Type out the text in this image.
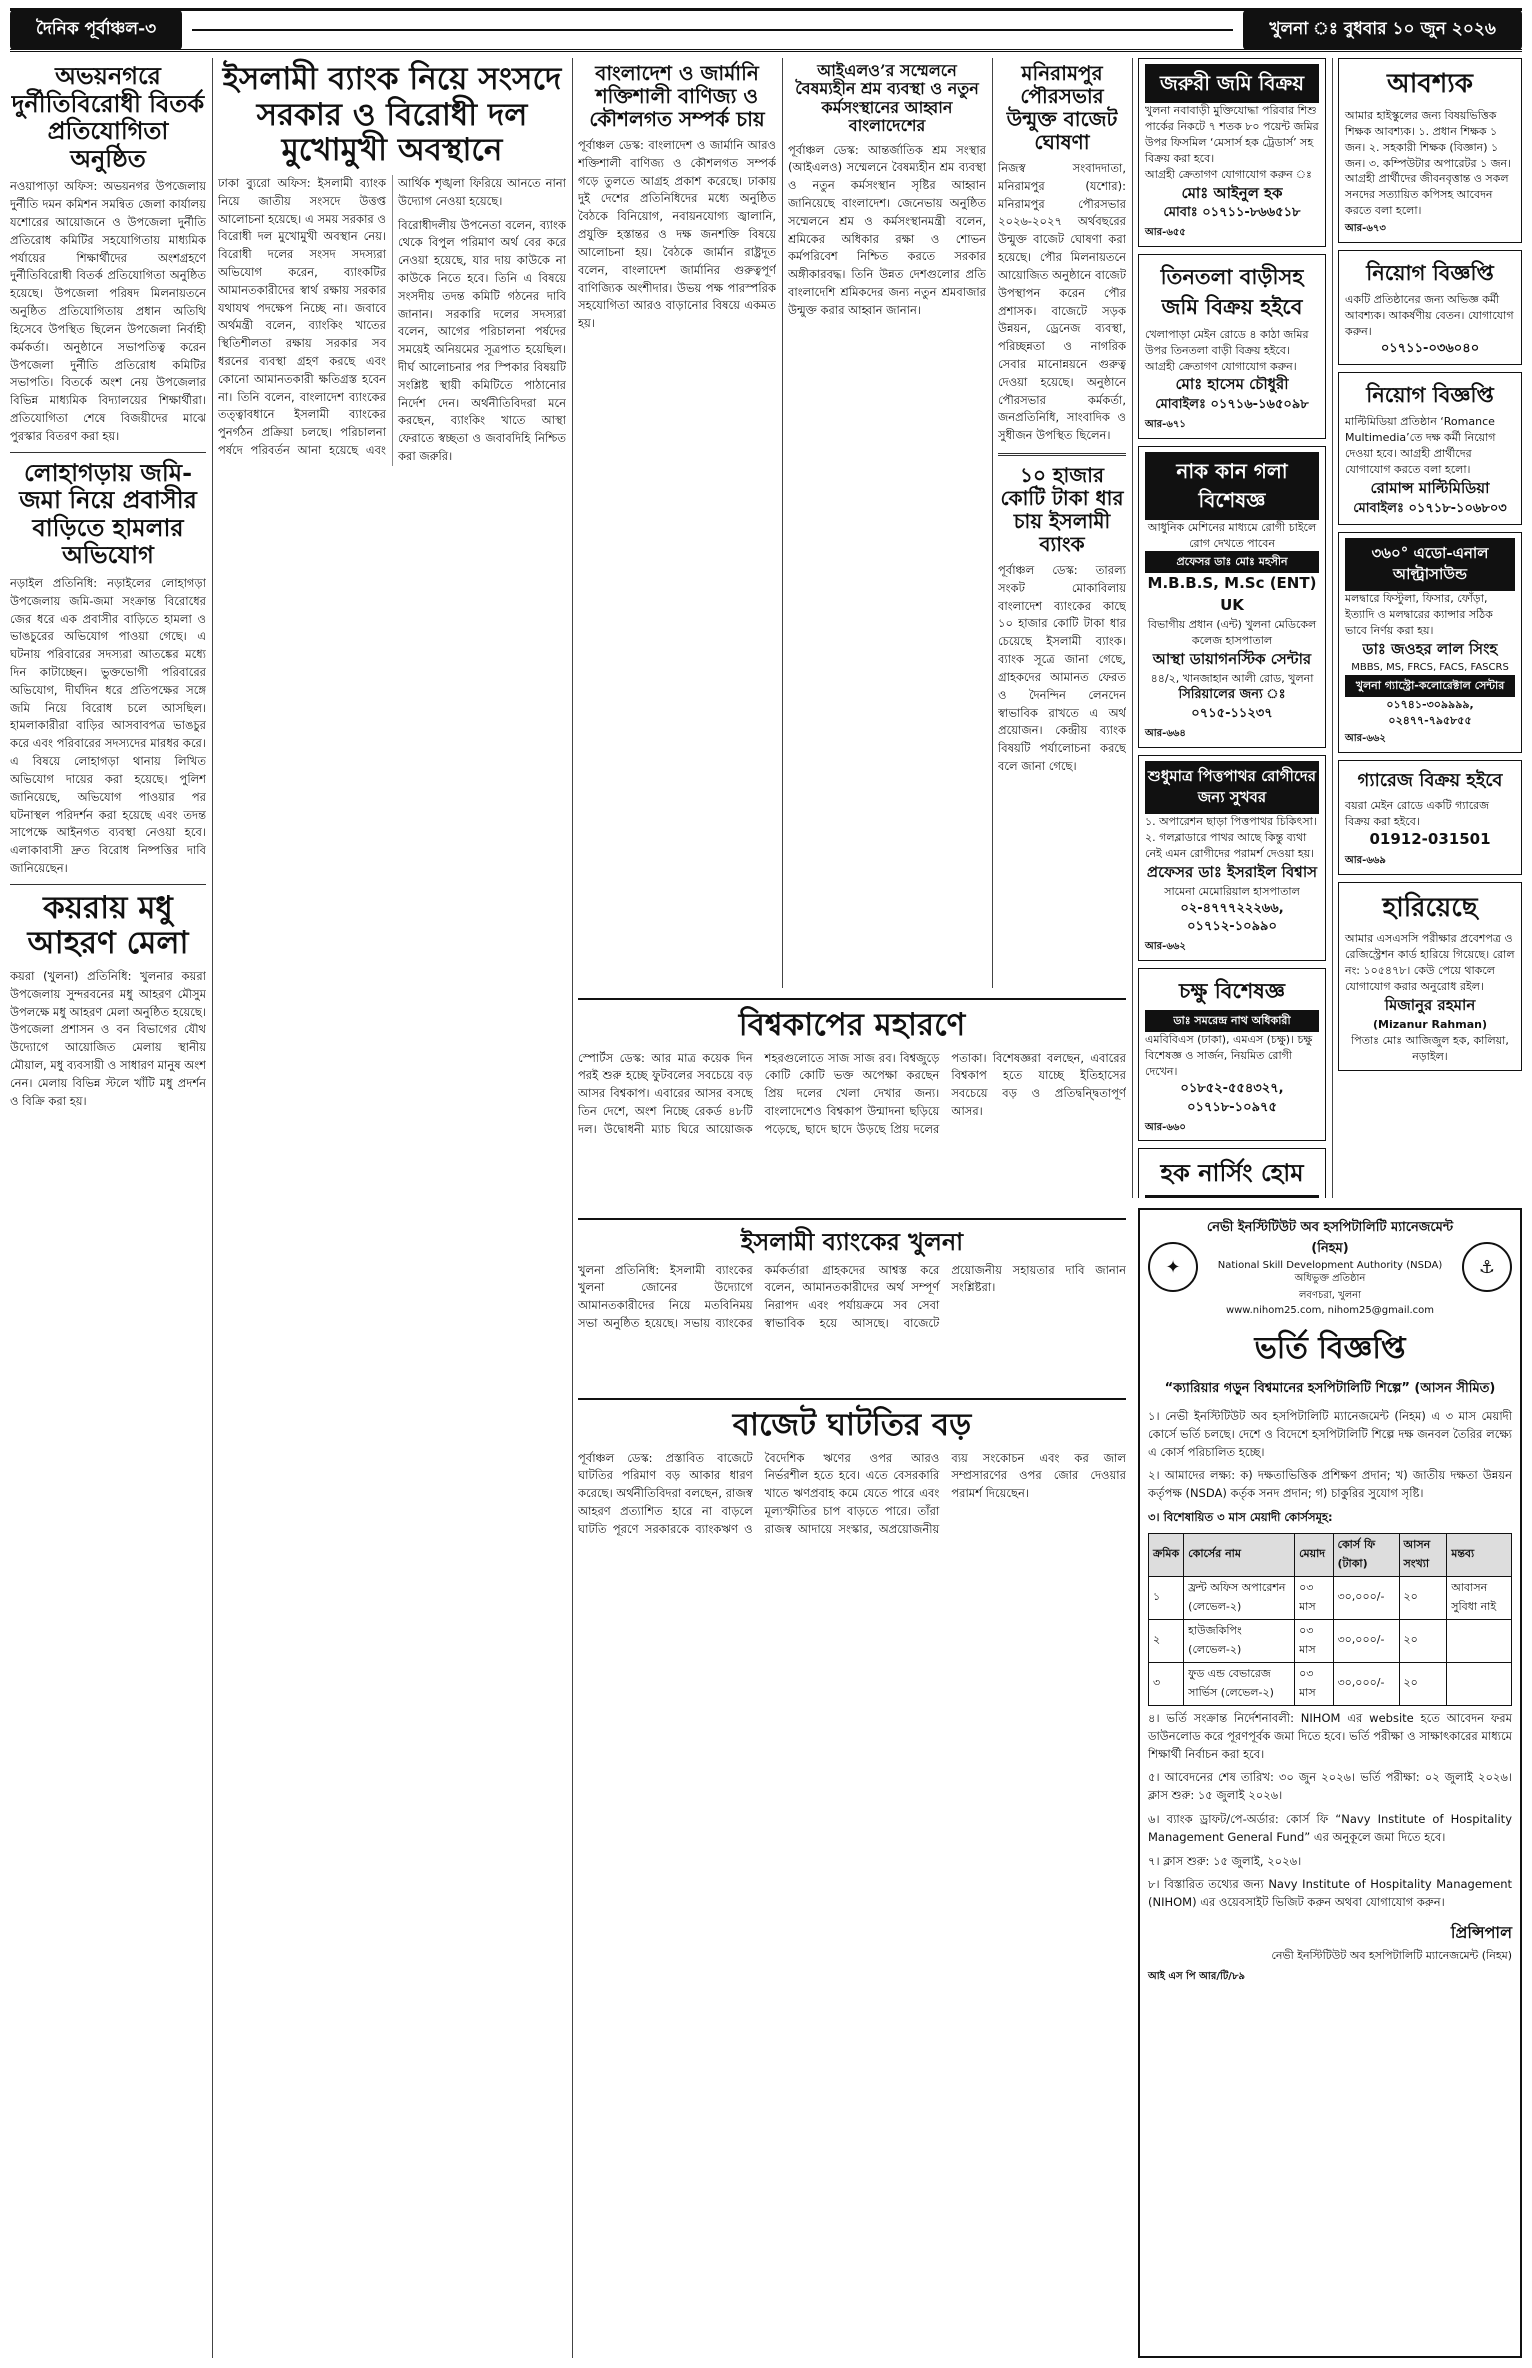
দৈনিক পূর্বাঞ্চল-৩	খুলনা ঃ বুধবার ১০ জুন ২০২৬
অভয়নগরে দুর্নীতিবিরোধী বিতর্ক প্রতিযোগিতা অনুষ্ঠিত

নওয়াপাড়া অফিস: অভয়নগর উপজেলায় দুর্নীতি দমন কমিশন সমন্বিত জেলা কার্যালয় যশোরের আয়োজনে ও উপজেলা দুর্নীতি প্রতিরোধ কমিটির সহযোগিতায় মাধ্যমিক পর্যায়ের শিক্ষার্থীদের অংশগ্রহণে দুর্নীতিবিরোধী বিতর্ক প্রতিযোগিতা অনুষ্ঠিত হয়েছে। উপজেলা পরিষদ মিলনায়তনে অনুষ্ঠিত প্রতিযোগিতায় প্রধান অতিথি হিসেবে উপস্থিত ছিলেন উপজেলা নির্বাহী কর্মকর্তা। অনুষ্ঠানে সভাপতিত্ব করেন উপজেলা দুর্নীতি প্রতিরোধ কমিটির সভাপতি। বিতর্কে অংশ নেয় উপজেলার বিভিন্ন মাধ্যমিক বিদ্যালয়ের শিক্ষার্থীরা। প্রতিযোগিতা শেষে বিজয়ীদের মাঝে পুরস্কার বিতরণ করা হয়।

লোহাগড়ায় জমি-জমা নিয়ে প্রবাসীর বাড়িতে হামলার অভিযোগ

নড়াইল প্রতিনিধি: নড়াইলের লোহাগড়া উপজেলায় জমি-জমা সংক্রান্ত বিরোধের জের ধরে এক প্রবাসীর বাড়িতে হামলা ও ভাঙচুরের অভিযোগ পাওয়া গেছে। এ ঘটনায় পরিবারের সদস্যরা আতঙ্কের মধ্যে দিন কাটাচ্ছেন। ভুক্তভোগী পরিবারের অভিযোগ, দীর্ঘদিন ধরে প্রতিপক্ষের সঙ্গে জমি নিয়ে বিরোধ চলে আসছিল। হামলাকারীরা বাড়ির আসবাবপত্র ভাঙচুর করে এবং পরিবারের সদস্যদের মারধর করে। এ বিষয়ে লোহাগড়া থানায় লিখিত অভিযোগ দায়ের করা হয়েছে। পুলিশ জানিয়েছে, অভিযোগ পাওয়ার পর ঘটনাস্থল পরিদর্শন করা হয়েছে এবং তদন্ত সাপেক্ষে আইনগত ব্যবস্থা নেওয়া হবে। এলাকাবাসী দ্রুত বিরোধ নিষ্পত্তির দাবি জানিয়েছেন।

কয়রায় মধু আহরণ মেলা

কয়রা (খুলনা) প্রতিনিধি: খুলনার কয়রা উপজেলায় সুন্দরবনের মধু আহরণ মৌসুম উপলক্ষে মধু আহরণ মেলা অনুষ্ঠিত হয়েছে। উপজেলা প্রশাসন ও বন বিভাগের যৌথ উদ্যোগে আয়োজিত মেলায় স্থানীয় মৌয়াল, মধু ব্যবসায়ী ও সাধারণ মানুষ অংশ নেন। মেলায় বিভিন্ন স্টলে খাঁটি মধু প্রদর্শন ও বিক্রি করা হয়।

ইসলামী ব্যাংক নিয়ে সংসদে সরকার ও বিরোধী দল মুখোমুখী অবস্থানে

ঢাকা ব্যুরো অফিস: ইসলামী ব্যাংক নিয়ে জাতীয় সংসদে উত্তপ্ত আলোচনা হয়েছে। এ সময় সরকার ও বিরোধী দল মুখোমুখী অবস্থান নেয়। বিরোধী দলের সংসদ সদস্যরা অভিযোগ করেন, ব্যাংকটির আমানতকারীদের স্বার্থ রক্ষায় সরকার যথাযথ পদক্ষেপ নিচ্ছে না। জবাবে অর্থমন্ত্রী বলেন, ব্যাংকিং খাতের স্থিতিশীলতা রক্ষায় সরকার সব ধরনের ব্যবস্থা গ্রহণ করছে এবং কোনো আমানতকারী ক্ষতিগ্রস্ত হবেন না। তিনি বলেন, বাংলাদেশ ব্যাংকের তত্ত্বাবধানে ইসলামী ব্যাংকের পুনর্গঠন প্রক্রিয়া চলছে। পরিচালনা পর্ষদে পরিবর্তন আনা হয়েছে এবং আর্থিক শৃঙ্খলা ফিরিয়ে আনতে নানা উদ্যোগ নেওয়া হয়েছে।

বিরোধীদলীয় উপনেতা বলেন, ব্যাংক থেকে বিপুল পরিমাণ অর্থ বের করে নেওয়া হয়েছে, যার দায় কাউকে না কাউকে নিতে হবে। তিনি এ বিষয়ে সংসদীয় তদন্ত কমিটি গঠনের দাবি জানান। সরকারি দলের সদস্যরা বলেন, আগের পরিচালনা পর্ষদের সময়েই অনিয়মের সূত্রপাত হয়েছিল। দীর্ঘ আলোচনার পর স্পিকার বিষয়টি সংশ্লিষ্ট স্থায়ী কমিটিতে পাঠানোর নির্দেশ দেন। অর্থনীতিবিদরা মনে করছেন, ব্যাংকিং খাতে আস্থা ফেরাতে স্বচ্ছতা ও জবাবদিহি নিশ্চিত করা জরুরি।

বাংলাদেশ ও জার্মানি শক্তিশালী বাণিজ্য ও কৌশলগত সম্পর্ক চায়

পূর্বাঞ্চল ডেস্ক: বাংলাদেশ ও জার্মানি আরও শক্তিশালী বাণিজ্য ও কৌশলগত সম্পর্ক গড়ে তুলতে আগ্রহ প্রকাশ করেছে। ঢাকায় দুই দেশের প্রতিনিধিদের মধ্যে অনুষ্ঠিত বৈঠকে বিনিয়োগ, নবায়নযোগ্য জ্বালানি, প্রযুক্তি হস্তান্তর ও দক্ষ জনশক্তি বিষয়ে আলোচনা হয়। বৈঠকে জার্মান রাষ্ট্রদূত বলেন, বাংলাদেশ জার্মানির গুরুত্বপূর্ণ বাণিজ্যিক অংশীদার। উভয় পক্ষ পারস্পরিক সহযোগিতা আরও বাড়ানোর বিষয়ে একমত হয়।

আইএলও’র সম্মেলনে বৈষম্যহীন শ্রম ব্যবস্থা ও নতুন কর্মসংস্থানের আহ্বান বাংলাদেশের

পূর্বাঞ্চল ডেস্ক: আন্তর্জাতিক শ্রম সংস্থার (আইএলও) সম্মেলনে বৈষম্যহীন শ্রম ব্যবস্থা ও নতুন কর্মসংস্থান সৃষ্টির আহ্বান জানিয়েছে বাংলাদেশ। জেনেভায় অনুষ্ঠিত সম্মেলনে শ্রম ও কর্মসংস্থানমন্ত্রী বলেন, শ্রমিকের অধিকার রক্ষা ও শোভন কর্মপরিবেশ নিশ্চিত করতে সরকার অঙ্গীকারবদ্ধ। তিনি উন্নত দেশগুলোর প্রতি বাংলাদেশি শ্রমিকদের জন্য নতুন শ্রমবাজার উন্মুক্ত করার আহ্বান জানান।

মনিরামপুর পৌরসভার উন্মুক্ত বাজেট ঘোষণা

নিজস্ব সংবাদদাতা, মনিরামপুর (যশোর): মনিরামপুর পৌরসভার ২০২৬-২০২৭ অর্থবছরের উন্মুক্ত বাজেট ঘোষণা করা হয়েছে। পৌর মিলনায়তনে আয়োজিত অনুষ্ঠানে বাজেট উপস্থাপন করেন পৌর প্রশাসক। বাজেটে সড়ক উন্নয়ন, ড্রেনেজ ব্যবস্থা, পরিচ্ছন্নতা ও নাগরিক সেবার মানোন্নয়নে গুরুত্ব দেওয়া হয়েছে। অনুষ্ঠানে পৌরসভার কর্মকর্তা, জনপ্রতিনিধি, সাংবাদিক ও সুধীজন উপস্থিত ছিলেন।

১০ হাজার কোটি টাকা ধার চায় ইসলামী ব্যাংক

পূর্বাঞ্চল ডেস্ক: তারল্য সংকট মোকাবিলায় বাংলাদেশ ব্যাংকের কাছে ১০ হাজার কোটি টাকা ধার চেয়েছে ইসলামী ব্যাংক। ব্যাংক সূত্রে জানা গেছে, গ্রাহকদের আমানত ফেরত ও দৈনন্দিন লেনদেন স্বাভাবিক রাখতে এ অর্থ প্রয়োজন। কেন্দ্রীয় ব্যাংক বিষয়টি পর্যালোচনা করছে বলে জানা গেছে।

বিশ্বকাপের মহারণে

স্পোর্টস ডেস্ক: আর মাত্র কয়েক দিন পরই শুরু হচ্ছে ফুটবলের সবচেয়ে বড় আসর বিশ্বকাপ। এবারের আসর বসছে তিন দেশে, অংশ নিচ্ছে রেকর্ড ৪৮টি দল। উদ্বোধনী ম্যাচ ঘিরে আয়োজক শহরগুলোতে সাজ সাজ রব। বিশ্বজুড়ে কোটি কোটি ভক্ত অপেক্ষা করছেন প্রিয় দলের খেলা দেখার জন্য। বাংলাদেশেও বিশ্বকাপ উন্মাদনা ছড়িয়ে পড়েছে, ছাদে ছাদে উড়ছে প্রিয় দলের পতাকা। বিশেষজ্ঞরা বলছেন, এবারের বিশ্বকাপ হতে যাচ্ছে ইতিহাসের সবচেয়ে বড় ও প্রতিদ্বন্দ্বিতাপূর্ণ আসর।

ইসলামী ব্যাংকের খুলনা

খুলনা প্রতিনিধি: ইসলামী ব্যাংকের খুলনা জোনের উদ্যোগে আমানতকারীদের নিয়ে মতবিনিময় সভা অনুষ্ঠিত হয়েছে। সভায় ব্যাংকের কর্মকর্তারা গ্রাহকদের আশ্বস্ত করে বলেন, আমানতকারীদের অর্থ সম্পূর্ণ নিরাপদ এবং পর্যায়ক্রমে সব সেবা স্বাভাবিক হয়ে আসছে। বাজেটে প্রয়োজনীয় সহায়তার দাবি জানান সংশ্লিষ্টরা।

বাজেট ঘাটতির বড়

পূর্বাঞ্চল ডেস্ক: প্রস্তাবিত বাজেটে ঘাটতির পরিমাণ বড় আকার ধারণ করেছে। অর্থনীতিবিদরা বলছেন, রাজস্ব আহরণ প্রত্যাশিত হারে না বাড়লে ঘাটতি পূরণে সরকারকে ব্যাংকঋণ ও বৈদেশিক ঋণের ওপর আরও নির্ভরশীল হতে হবে। এতে বেসরকারি খাতে ঋণপ্রবাহ কমে যেতে পারে এবং মূল্যস্ফীতির চাপ বাড়তে পারে। তাঁরা রাজস্ব আদায়ে সংস্কার, অপ্রয়োজনীয় ব্যয় সংকোচন এবং কর জাল সম্প্রসারণের ওপর জোর দেওয়ার পরামর্শ দিয়েছেন।

জরুরী জমি বিক্রয়
খুলনা নবাবাড়ী মুক্তিযোদ্ধা পরিবার শিশু পার্কের নিকটে ৭ শতক ৮০ পয়েন্ট জমির উপর ফিসমিল ‘মেসার্স হক ট্রেডার্স’ সহ বিক্রয় করা হবে।
আগ্রহী ক্রেতাগণ যোগাযোগ করুন ঃ
মোঃ আইনুল হক
মোবাঃ ০১৭১১-৮৬৬৫১৮
আর-৬৫৫
তিনতলা বাড়ীসহ জমি বিক্রয় হইবে
খেলাপাড়া মেইন রোডে ৪ কাঠা জমির উপর তিনতলা বাড়ী বিক্রয় হইবে। আগ্রহী ক্রেতাগণ যোগাযোগ করুন।
মোঃ হাসেম চৌধুরী
মোবাইলঃ ০১৭১৬-১৬৫০৯৮
আর-৬৭১
নাক কান গলা বিশেষজ্ঞ
আধুনিক মেশিনের মাধ্যমে রোগী চাইলে রোগ দেখতে পাবেন
প্রফেসর ডাঃ মোঃ মহসীন
M.B.B.S, M.Sc (ENT) UK
বিভাগীয় প্রধান (এন্ট) খুলনা মেডিকেল কলেজ হাসপাতাল
আস্থা ডায়াগনস্টিক সেন্টার
৪৪/২, খানজাহান আলী রোড, খুলনা
সিরিয়ালের জন্য ঃ ০৭১৫-১১২৩৭
আর-৬৬৪
শুধুমাত্র পিত্তপাথর রোগীদের জন্য সুখবর
১. অপারেশন ছাড়া পিত্তপাথর চিকিৎসা। ২. গলব্লাডারে পাথর আছে কিন্তু ব্যথা নেই এমন রোগীদের পরামর্শ দেওয়া হয়।
প্রফেসর ডাঃ ইসরাইল বিশ্বাস
সামেনা মেমোরিয়াল হাসপাতাল
০২-৪৭৭৭২২২৬৬, ০১৭১২-১০৯৯০
আর-৬৬২
চক্ষু বিশেষজ্ঞ
ডাঃ সমরেন্দ্র নাথ অধিকারী
এমবিবিএস (ঢাকা), এমএস (চক্ষু)। চক্ষু বিশেষজ্ঞ ও সার্জন, নিয়মিত রোগী দেখেন।
০১৮৫২-৫৫৪৩২৭, ০১৭১৮-১০৯৭৫
আর-৬৬০
হক নার্সিং হোম
আবশ্যক
আমার হাইস্কুলের জন্য বিষয়ভিত্তিক শিক্ষক আবশ্যক। ১. প্রধান শিক্ষক ১ জন। ২. সহকারী শিক্ষক (বিজ্ঞান) ১ জন। ৩. কম্পিউটার অপারেটর ১ জন। আগ্রহী প্রার্থীদের জীবনবৃত্তান্ত ও সকল সনদের সত্যায়িত কপিসহ আবেদন করতে বলা হলো।
আর-৬৭৩
নিয়োগ বিজ্ঞপ্তি
একটি প্রতিষ্ঠানের জন্য অভিজ্ঞ কর্মী আবশ্যক। আকর্ষণীয় বেতন। যোগাযোগ করুন।
০১৭১১-০৩৬০৪০
নিয়োগ বিজ্ঞপ্তি
মাল্টিমিডিয়া প্রতিষ্ঠান ‘Romance Multimedia’তে দক্ষ কর্মী নিয়োগ দেওয়া হবে। আগ্রহী প্রার্থীদের যোগাযোগ করতে বলা হলো।
রোমান্স মাল্টিমিডিয়া
মোবাইলঃ ০১৭১৮-১০৬৮০৩
৩৬০° এডো-এনাল আল্ট্রাসাউন্ড
মলদ্বারে ফিস্টুলা, ফিসার, ফোঁড়া, ইত্যাদি ও মলদ্বারের ক্যান্সার সঠিক ভাবে নির্ণয় করা হয়।
ডাঃ জওহর লাল সিংহ
MBBS, MS, FRCS, FACS, FASCRS
খুলনা গ্যাস্ট্রো-কলোরেক্টাল সেন্টার
০১৭৪১-৩০৯৯৯৯, ০২৪৭৭-৭৯৫৮৫৫
আর-৬৬২
গ্যারেজ বিক্রয় হইবে
বয়রা মেইন রোডে একটি গ্যারেজ বিক্রয় করা হইবে।
01912-031501
আর-৬৬৯
হারিয়েছে
আমার এসএসসি পরীক্ষার প্রবেশপত্র ও রেজিস্ট্রেশন কার্ড হারিয়ে গিয়েছে। রোল নং: ১০৫৪৭৮। কেউ পেয়ে থাকলে যোগাযোগ করার অনুরোধ রইল।
মিজানুর রহমান
(Mizanur Rahman)
পিতাঃ মোঃ আজিজুল হক, কালিয়া, নড়াইল।
✦
নেভী ইনস্টিটিউট অব হসপিটালিটি ম্যানেজমেন্ট (নিহম)
National Skill Development Authority (NSDA) অধিভুক্ত প্রতিষ্ঠান
লবণচরা, খুলনা
www.nihom25.com, nihom25@gmail.com
⚓
ভর্তি বিজ্ঞপ্তি
“ক্যারিয়ার গড়ুন বিশ্বমানের হসপিটালিটি শিল্পে” (আসন সীমিত)

১। নেভী ইনস্টিটিউট অব হসপিটালিটি ম্যানেজমেন্ট (নিহম) এ ৩ মাস মেয়াদী কোর্সে ভর্তি চলছে। দেশে ও বিদেশে হসপিটালিটি শিল্পে দক্ষ জনবল তৈরির লক্ষ্যে এ কোর্স পরিচালিত হচ্ছে।

২। আমাদের লক্ষ্য: ক) দক্ষতাভিত্তিক প্রশিক্ষণ প্রদান; খ) জাতীয় দক্ষতা উন্নয়ন কর্তৃপক্ষ (NSDA) কর্তৃক সনদ প্রদান; গ) চাকুরির সুযোগ সৃষ্টি।

৩। বিশেষায়িত ৩ মাস মেয়াদী কোর্সসমূহ:
ক্রমিক	কোর্সের নাম	মেয়াদ	কোর্স ফি (টাকা)	আসন সংখ্যা	মন্তব্য
১	ফ্রন্ট অফিস অপারেশন (লেভেল-২)	০৩ মাস	৩০,০০০/-	২০	আবাসন সুবিধা নাই
২	হাউজকিপিং (লেভেল-২)	০৩ মাস	৩০,০০০/-	২০	
৩	ফুড এন্ড বেভারেজ সার্ভিস (লেভেল-২)	০৩ মাস	৩০,০০০/-	২০	

৪। ভর্তি সংক্রান্ত নির্দেশনাবলী: NIHOM এর website হতে আবেদন ফরম ডাউনলোড করে পূরণপূর্বক জমা দিতে হবে। ভর্তি পরীক্ষা ও সাক্ষাৎকারের মাধ্যমে শিক্ষার্থী নির্বাচন করা হবে।

৫। আবেদনের শেষ তারিখ: ৩০ জুন ২০২৬। ভর্তি পরীক্ষা: ০২ জুলাই ২০২৬। ক্লাস শুরু: ১৫ জুলাই ২০২৬।

৬। ব্যাংক ড্রাফট/পে-অর্ডার: কোর্স ফি “Navy Institute of Hospitality Management General Fund” এর অনুকূলে জমা দিতে হবে।

৭। ক্লাস শুরু: ১৫ জুলাই, ২০২৬।

৮। বিস্তারিত তথ্যের জন্য Navy Institute of Hospitality Management (NIHOM) এর ওয়েবসাইট ভিজিট করুন অথবা যোগাযোগ করুন।

প্রিন্সিপাল
নেভী ইনস্টিটিউট অব হসপিটালিটি ম্যানেজমেন্ট (নিহম)
আই এস পি আর/টি/৮৯
